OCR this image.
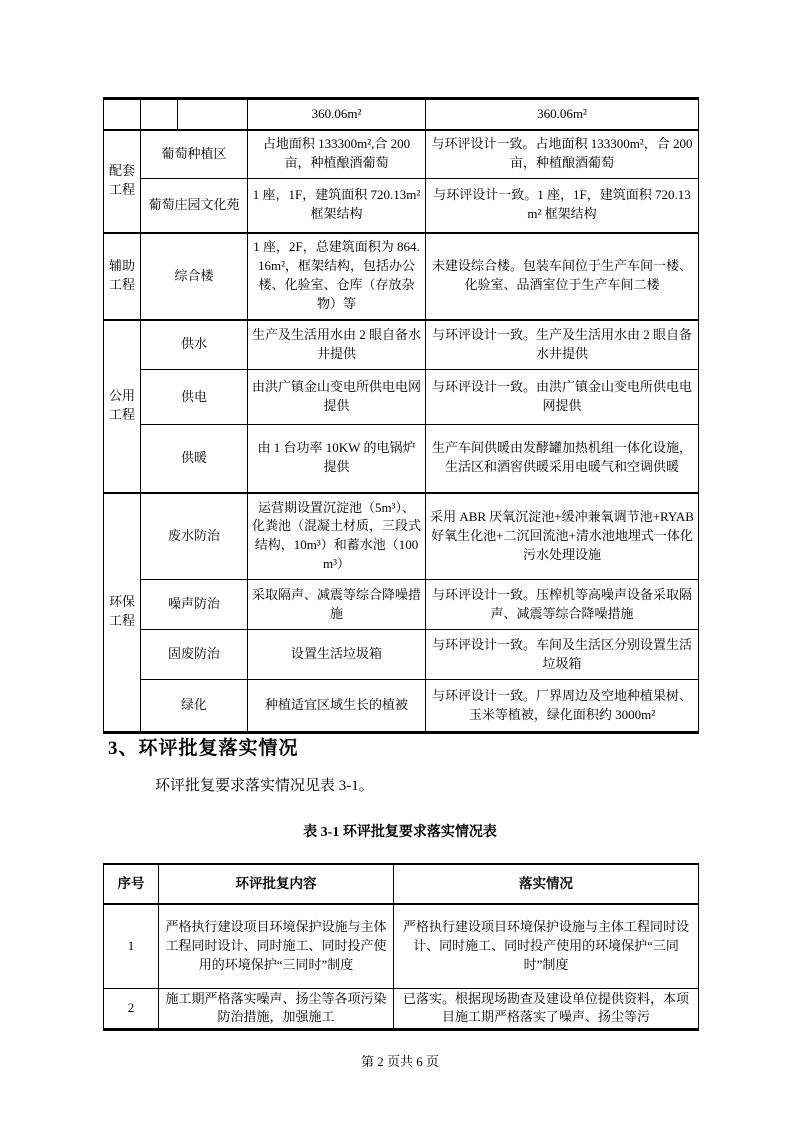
			360.06m²	360.06m²
配套工程	葡萄种植区		占地面积 133300m²,合 200 亩，种植酿酒葡萄	与环评设计一致。占地面积 133300m²，合 200 亩，种植酿酒葡萄
	葡萄庄园文化苑		1 座，1F，建筑面积 720.13m² 框架结构	与环评设计一致。1 座，1F，建筑面积 720.13m² 框架结构
辅助工程	综合楼		1 座，2F，总建筑面积为 864.16m²，框架结构，包括办公楼、化验室、仓库（存放杂物）等	未建设综合楼。包装车间位于生产车间一楼、化验室、品酒室位于生产车间二楼
公用工程	供水		生产及生活用水由 2 眼自备水井提供	与环评设计一致。生产及生活用水由 2 眼自备水井提供
	供电		由洪广镇金山变电所供电电网提供	与环评设计一致。由洪广镇金山变电所供电电网提供
	供暖		由 1 台功率 10KW 的电锅炉提供	生产车间供暖由发酵罐加热机组一体化设施，生活区和酒窖供暖采用电暖气和空调供暖
环保工程	废水防治		运营期设置沉淀池（5m³）、化粪池（混凝土材质，三段式结构，10m³）和蓄水池（100m³）	采用 ABR 厌氧沉淀池+缓冲兼氧调节池+RYAB 好氧生化池+二沉回流池+清水池地埋式一体化污水处理设施
	噪声防治		采取隔声、减震等综合降噪措施	与环评设计一致。压榨机等高噪声设备采取隔声、减震等综合降噪措施
	固废防治		设置生活垃圾箱	与环评设计一致。车间及生活区分别设置生活垃圾箱
	绿化		种植适宜区域生长的植被	与环评设计一致。厂界周边及空地种植果树、玉米等植被，绿化面积约 3000m²
3、环评批复落实情况
环评批复要求落实情况见表 3-1。
表 3-1 环评批复要求落实情况表
序号	环评批复内容	落实情况
1	严格执行建设项目环境保护设施与主体工程同时设计、同时施工、同时投产使用的环境保护“三同时”制度	严格执行建设项目环境保护设施与主体工程同时设计、同时施工、同时投产使用的环境保护“三同时”制度
2	施工期严格落实噪声、扬尘等各项污染防治措施，加强施工	已落实。根据现场勘查及建设单位提供资料，本项目施工期严格落实了噪声、扬尘等污
第 2 页共 6 页
